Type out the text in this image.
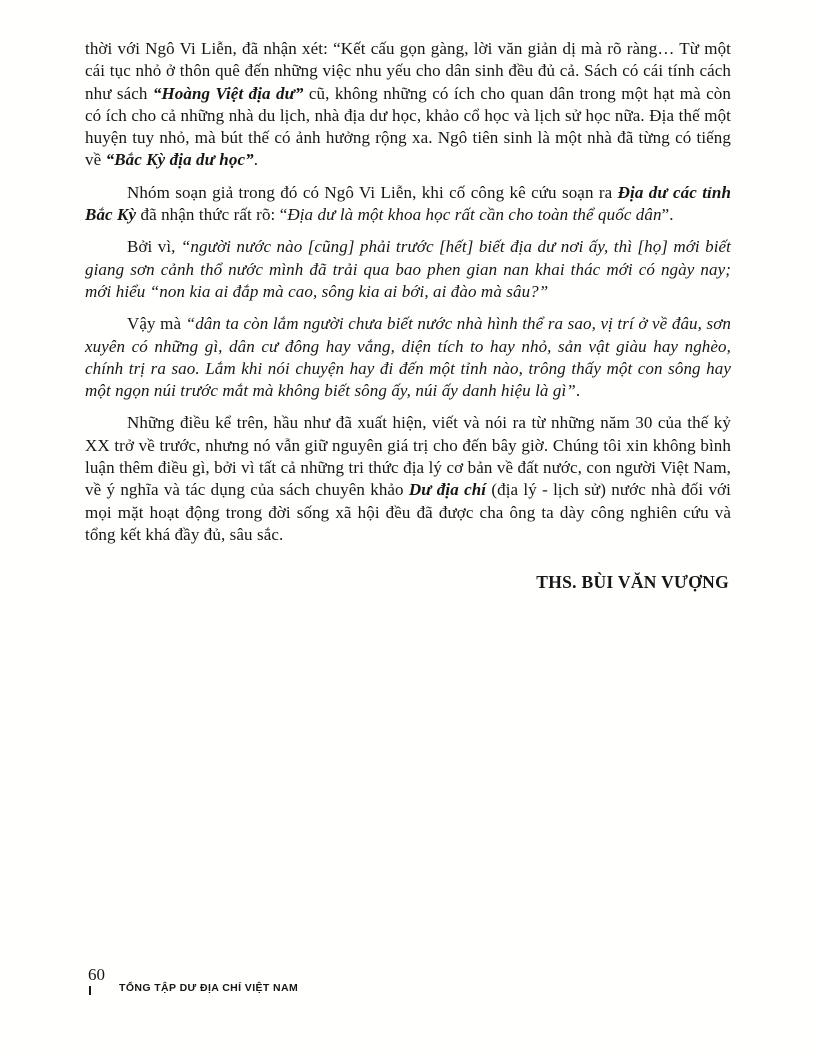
thời với Ngô Vi Liễn, đã nhận xét: “Kết cấu gọn gàng, lời văn giản dị mà rõ ràng… Từ một cái tục nhỏ ở thôn quê đến những việc nhu yếu cho dân sinh đều đủ cả. Sách có cái tính cách như sách “Hoàng Việt địa dư” cũ, không những có ích cho quan dân trong một hạt mà còn có ích cho cả những nhà du lịch, nhà địa dư học, khảo cổ học và lịch sử học nữa. Địa thế một huyện tuy nhỏ, mà bút thế có ảnh hưởng rộng xa. Ngô tiên sinh là một nhà đã từng có tiếng về “Bắc Kỳ địa dư học”.

Nhóm soạn giả trong đó có Ngô Vi Liễn, khi cố công kê cứu soạn ra Địa dư các tỉnh Bắc Kỳ đã nhận thức rất rõ: “Địa dư là một khoa học rất cần cho toàn thể quốc dân”.

Bởi vì, “người nước nào [cũng] phải trước [hết] biết địa dư nơi ấy, thì [họ] mới biết giang sơn cảnh thổ nước mình đã trải qua bao phen gian nan khai thác mới có ngày nay; mới hiểu “non kia ai đắp mà cao, sông kia ai bới, ai đào mà sâu?”

Vậy mà “dân ta còn lắm người chưa biết nước nhà hình thể ra sao, vị trí ở về đâu, sơn xuyên có những gì, dân cư đông hay vắng, diện tích to hay nhỏ, sản vật giàu hay nghèo, chính trị ra sao. Lắm khi nói chuyện hay đi đến một tỉnh nào, trông thấy một con sông hay một ngọn núi trước mắt mà không biết sông ấy, núi ấy danh hiệu là gì”.

Những điều kể trên, hầu như đã xuất hiện, viết và nói ra từ những năm 30 của thế kỷ XX trở về trước, nhưng nó vẫn giữ nguyên giá trị cho đến bây giờ. Chúng tôi xin không bình luận thêm điều gì, bởi vì tất cả những tri thức địa lý cơ bản về đất nước, con người Việt Nam, về ý nghĩa và tác dụng của sách chuyên khảo Dư địa chí (địa lý - lịch sử) nước nhà đối với mọi mặt hoạt động trong đời sống xã hội đều đã được cha ông ta dày công nghiên cứu và tổng kết khá đầy đủ, sâu sắc.

THS. BÙI VĂN VƯỢNG
60
TỔNG TẬP DƯ ĐỊA CHÍ VIỆT NAM
